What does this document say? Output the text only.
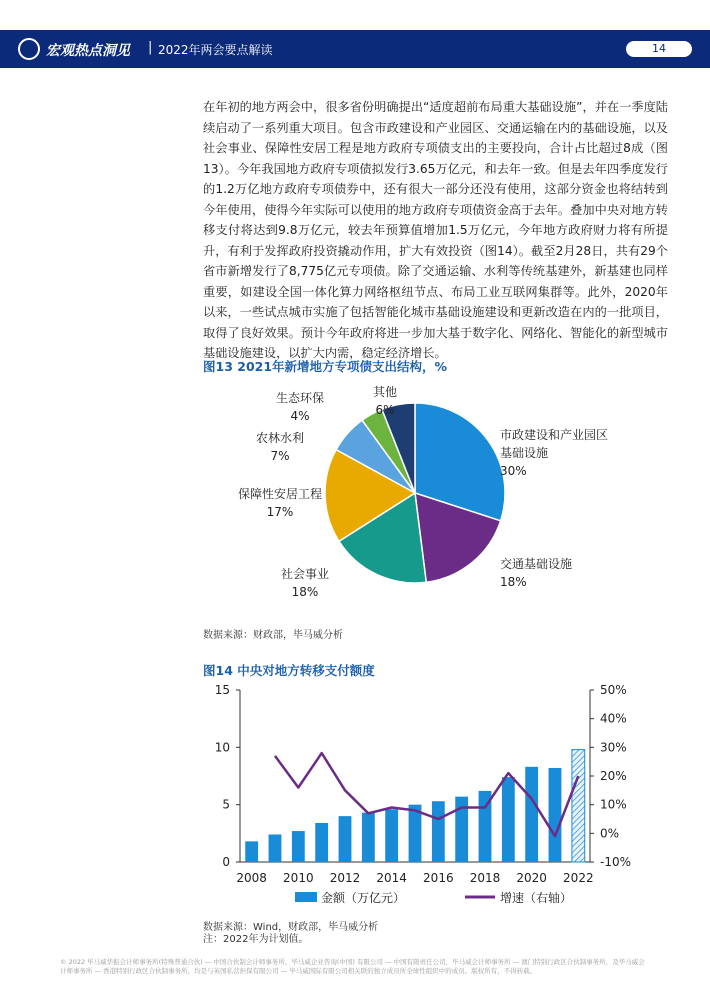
宏观热点洞见 | 2022年两会要点解读	14
在年初的地方两会中，很多省份明确提出“适度超前布局重大基础设施”，并在一季度陆续启动了一系列重大项目。包含市政建设和产业园区、交通运输在内的基础设施，以及社会事业、保障性安居工程是地方政府专项债支出的主要投向，合计占比超过8成（图13）。今年我国地方政府专项债拟发行3.65万亿元，和去年一致。但是去年四季度发行的1.2万亿地方政府专项债券中，还有很大一部分还没有使用，这部分资金也将结转到今年使用，使得今年实际可以使用的地方政府专项债资金高于去年。叠加中央对地方转移支付将达到9.8万亿元，较去年预算值增加1.5万亿元，今年地方政府财力将有所提升，有利于发挥政府投资撬动作用，扩大有效投资（图14）。截至2月28日，共有29个省市新增发行了8,775亿元专项债。除了交通运输、水利等传统基建外，新基建也同样重要，如建设全国一体化算力网络枢纽节点、布局工业互联网集群等。此外，2020年以来，一些试点城市实施了包括智能化城市基础设施建设和更新改造在内的一批项目，取得了良好效果。预计今年政府将进一步加大基于数字化、网络化、智能化的新型城市基础设施建设，以扩大内需，稳定经济增长。
图13 2021年新增地方专项债支出结构，%
市政建设和产业园区
基础设施
30%
交通基础设施
18%
社会事业
18%
保障性安居工程
17%
农林水利
7%
生态环保
4%
其他
6%
数据来源：财政部，毕马威分析
图14 中央对地方转移支付额度
0
5
10
15
-10%
0%
10%
20%
30%
40%
50%
2008 2010 2012 2014 2016 2018 2020 2022
金额（万亿元）	增速（右轴）
数据来源：Wind，财政部，毕马威分析
注：2022年为计划值。
© 2022 毕马威华振会计师事务所(特殊普通合伙) — 中国合伙制会计师事务所，毕马威企业咨询(中国) 有限公司 — 中国有限责任公司，毕马威会计师事务所 — 澳门特别行政区合伙制事务所，及毕马威会计师事务所 — 香港特别行政区合伙制事务所，均是与英国私营担保有限公司 — 毕马威国际有限公司相关联的独立成员所全球性组织中的成员。版权所有，不得转载。
